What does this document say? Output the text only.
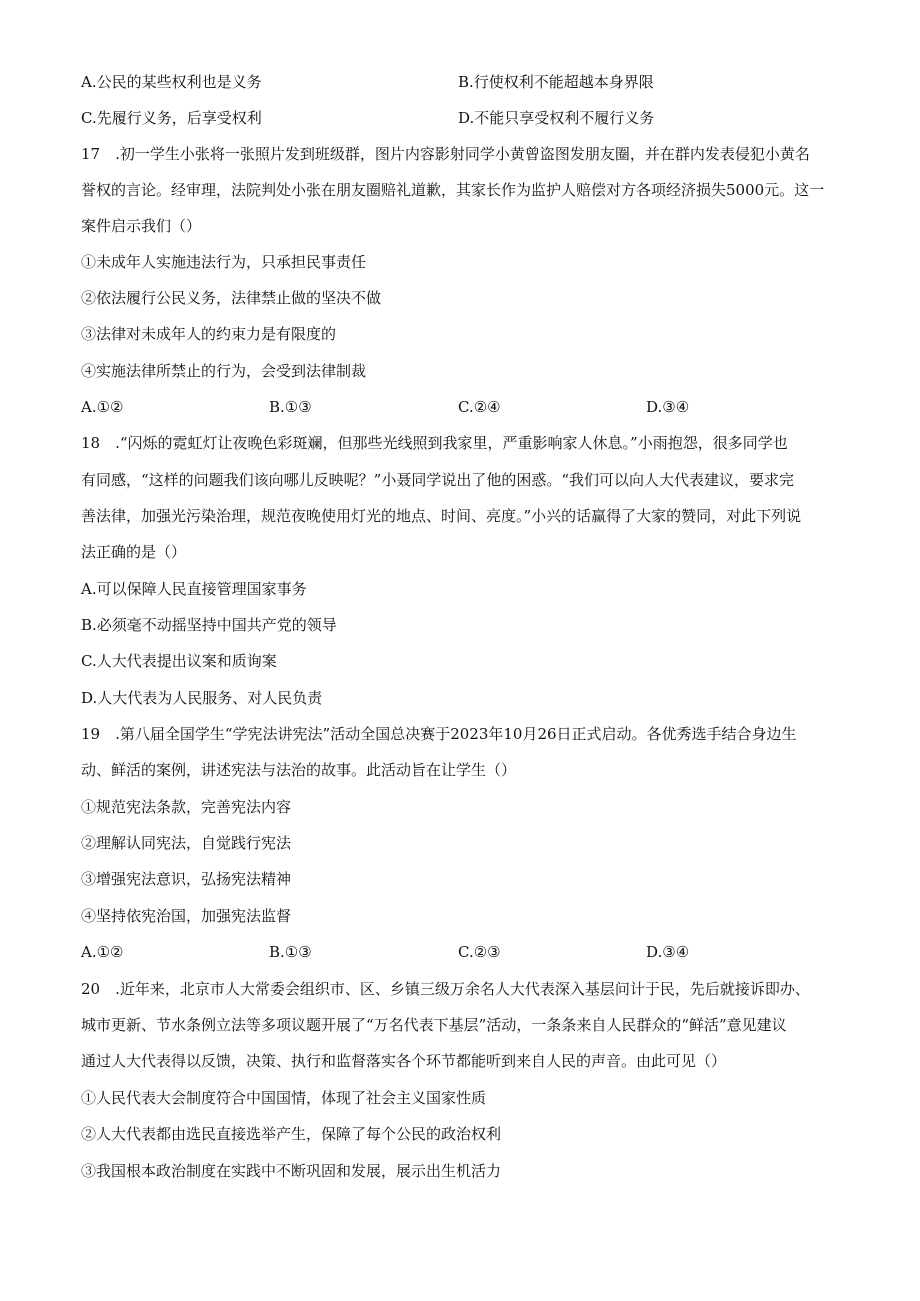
A.公民的某些权利也是义务	B.行使权利不能超越本身界限
C.先履行义务，后享受权利	D.不能只享受权利不履行义务
17　.初一学生小张将一张照片发到班级群，图片内容影射同学小黄曾盗图发朋友圈，并在群内发表侵犯小黄名
誉权的言论。经审理，法院判处小张在朋友圈赔礼道歉，其家长作为监护人赔偿对方各项经济损失5000元。这一
案件启示我们（）
①未成年人实施违法行为，只承担民事责任
②依法履行公民义务，法律禁止做的坚决不做
③法律对未成年人的约束力是有限度的
④实施法律所禁止的行为，会受到法律制裁
A.①②	B.①③	C.②④	D.③④
18　.“闪烁的霓虹灯让夜晚色彩斑斓，但那些光线照到我家里，严重影响家人休息。”小雨抱怨，很多同学也
有同感，“这样的问题我们该向哪儿反映呢？”小聂同学说出了他的困惑。“我们可以向人大代表建议，要求完
善法律，加强光污染治理，规范夜晚使用灯光的地点、时间、亮度。”小兴的话赢得了大家的赞同，对此下列说
法正确的是（）
A.可以保障人民直接管理国家事务
B.必须毫不动摇坚持中国共产党的领导
C.人大代表提出议案和质询案
D.人大代表为人民服务、对人民负责
19　.第八届全国学生“学宪法讲宪法”活动全国总决赛于2023年10月26日正式启动。各优秀选手结合身边生
动、鲜活的案例，讲述宪法与法治的故事。此活动旨在让学生（）
①规范宪法条款，完善宪法内容
②理解认同宪法，自觉践行宪法
③增强宪法意识，弘扬宪法精神
④坚持依宪治国，加强宪法监督
A.①②	B.①③	C.②③	D.③④
20　.近年来，北京市人大常委会组织市、区、乡镇三级万余名人大代表深入基层问计于民，先后就接诉即办、
城市更新、节水条例立法等多项议题开展了“万名代表下基层”活动，一条条来自人民群众的“鲜活”意见建议
通过人大代表得以反馈，决策、执行和监督落实各个环节都能听到来自人民的声音。由此可见（）
①人民代表大会制度符合中国国情，体现了社会主义国家性质
②人大代表都由选民直接选举产生，保障了每个公民的政治权利
③我国根本政治制度在实践中不断巩固和发展，展示出生机活力
